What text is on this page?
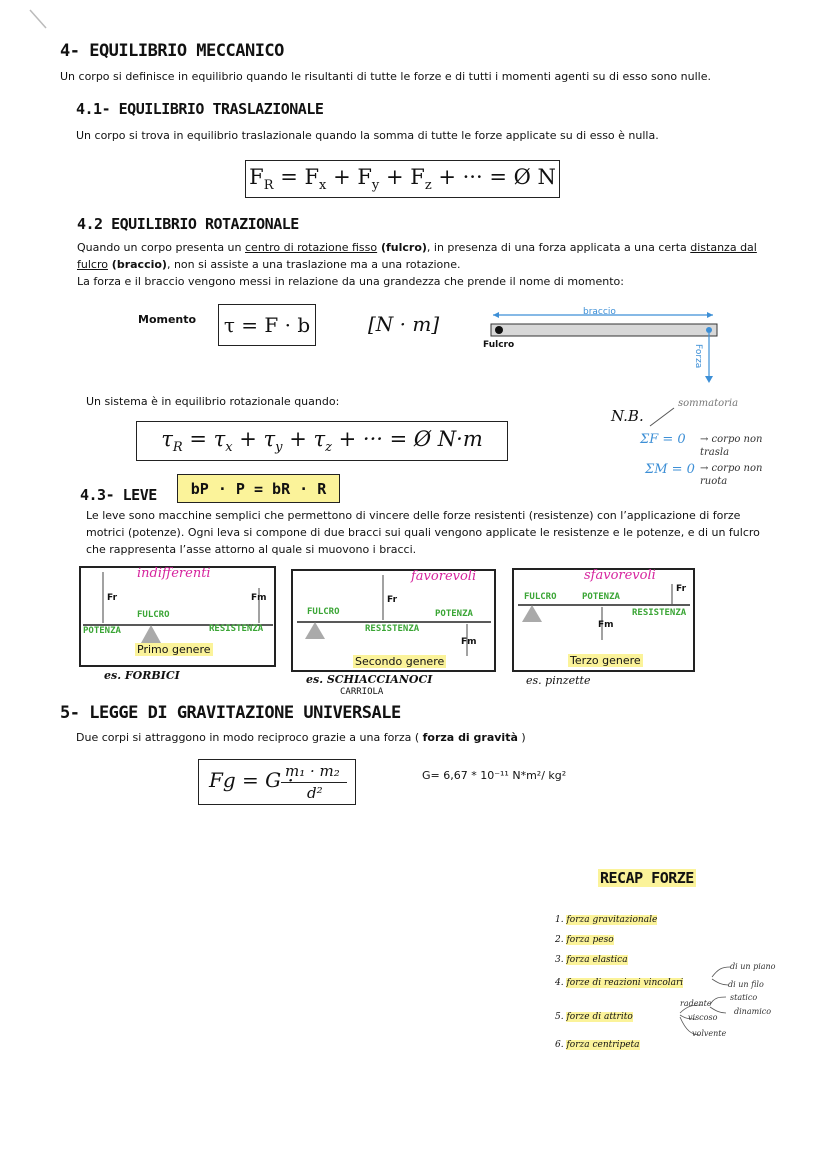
4- EQUILIBRIO MECCANICO
Un corpo si definisce in equilibrio quando le risultanti di tutte le forze e di tutti i momenti agenti su di esso sono nulle.
4.1- EQUILIBRIO TRASLAZIONALE
Un corpo si trova in equilibrio traslazionale quando la somma di tutte le forze applicate su di esso è nulla.
$F_R = F_x + F_y + F_z$ + ··· = Ø N
4.2 EQUILIBRIO ROTAZIONALE
Quando un corpo presenta un centro di rotazione fisso (fulcro), in presenza di una forza applicata a una certa distanza dal
fulcro (braccio), non si assiste a una traslazione ma a una rotazione.
La forza e il braccio vengono messi in relazione da una grandezza che prende il nome di momento:
Momento τ = F · b	[N · m]	braccio
Fulcro	Forza
Un sistema è in equilibrio rotazionale quando:
$\tau_R = \tau_x + \tau_y + \tau_z$ + ··· = Ø N·m
sommatoria
N.B.
ΣF = 0 → corpo non trasla
ΣM = 0 → corpo non ruota
4.3- LEVE	bP · P = bR · R
Le leve sono macchine semplici che permettono di vincere delle forze resistenti (resistenze) con l’applicazione di forze motrici (potenze). Ogni leva si compone di due bracci sui quali vengono applicate le resistenze e le potenze, e di un fulcro che rappresenta l’asse attorno al quale si muovono i bracci.
indifferenti
Fr	Fm
FULCRO
POTENZA	RESISTENZA
Primo genere
es. FORBICI
favorevoli
Fr
Fm
FULCRO	POTENZA
RESISTENZA
Secondo genere
es. SCHIACCIANOCI
CARRIOLA
sfavorevoli
Fr
Fm
FULCRO	POTENZA
RESISTENZA
Terzo genere
es. pinzette
5- LEGGE DI GRAVITAZIONE UNIVERSALE
Due corpi si attraggono in modo reciproco grazie a una forza ( forza di gravità )
Fg = G ·
m₁ · m₂
d²
G= 6,67 * 10⁻¹¹ N*m²/ kg²
RECAP FORZE
1. forza gravitazionale
2. forza peso
3. forza elastica
4. forze di reazioni vincolari
5. forze di attrito
6. forza centripeta
di un piano
di un filo
radente
viscoso
volvente
statico
dinamico
